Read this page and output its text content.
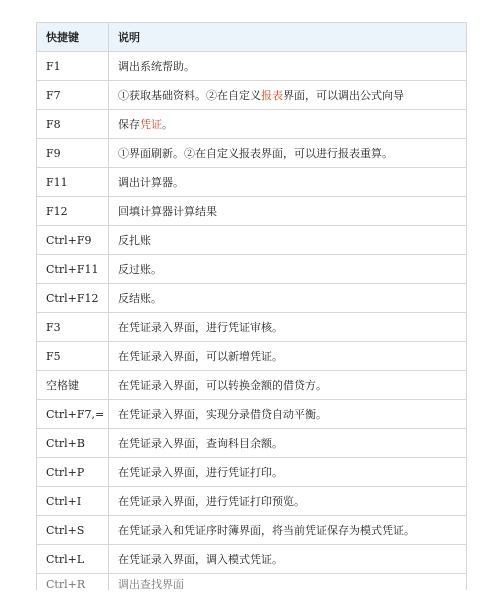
快捷键	说明
F1	调出系统帮助。
F7	①获取基础资料。②在自定义报表界面，可以调出公式向导
F8	保存凭证。
F9	①界面刷新。②在自定义报表界面，可以进行报表重算。
F11	调出计算器。
F12	回填计算器计算结果
Ctrl+F9	反扎账
Ctrl+F11	反过账。
Ctrl+F12	反结账。
F3	在凭证录入界面，进行凭证审核。
F5	在凭证录入界面，可以新增凭证。
空格键	在凭证录入界面，可以转换金额的借贷方。
Ctrl+F7,=	在凭证录入界面，实现分录借贷自动平衡。
Ctrl+B	在凭证录入界面，查询科目余额。
Ctrl+P	在凭证录入界面，进行凭证打印。
Ctrl+I	在凭证录入界面，进行凭证打印预览。
Ctrl+S	在凭证录入和凭证序时簿界面，将当前凭证保存为模式凭证。
Ctrl+L	在凭证录入界面，调入模式凭证。
Ctrl+R	调出查找界面
